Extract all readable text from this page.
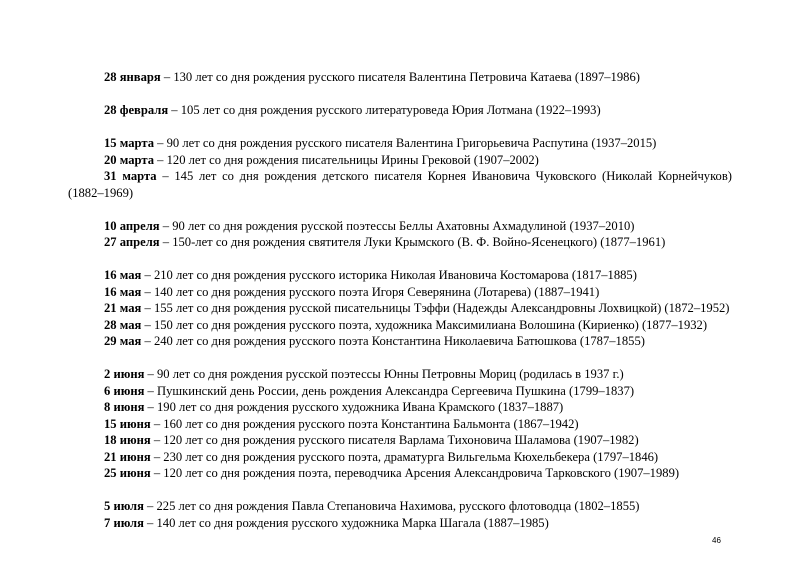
28 января – 130 лет со дня рождения русского писателя Валентина Петровича Катаева (1897–1986)

28 февраля – 105 лет со дня рождения русского литературоведа Юрия Лотмана (1922–1993)

15 марта – 90 лет со дня рождения русского писателя Валентина Григорьевича Распутина (1937–2015)

20 марта – 120 лет со дня рождения писательницы Ирины Грековой (1907–2002)

31 марта – 145 лет со дня рождения детского писателя Корнея Ивановича Чуковского (Николай Корнейчуков) (1882–1969)

10 апреля – 90 лет со дня рождения русской поэтессы Беллы Ахатовны Ахмадулиной (1937–2010)

27 апреля – 150-лет со дня рождения святителя Луки Крымского (В. Ф. Войно-Ясенецкого) (1877–1961)

16 мая – 210 лет со дня рождения русского историка Николая Ивановича Костомарова (1817–1885)

16 мая – 140 лет со дня рождения русского поэта Игоря Северянина (Лотарева) (1887–1941)

21 мая – 155 лет со дня рождения русской писательницы Тэффи (Надежды Александровны Лохвицкой) (1872–1952)

28 мая – 150 лет со дня рождения русского поэта, художника Максимилиана Волошина (Кириенко) (1877–1932)

29 мая – 240 лет со дня рождения русского поэта Константина Николаевича Батюшкова (1787–1855)

2 июня – 90 лет со дня рождения русской поэтессы Юнны Петровны Мориц (родилась в 1937 г.)

6 июня – Пушкинский день России, день рождения Александра Сергеевича Пушкина (1799–1837)

8 июня – 190 лет со дня рождения русского художника Ивана Крамского (1837–1887)

15 июня – 160 лет со дня рождения русского поэта Константина Бальмонта (1867–1942)

18 июня – 120 лет со дня рождения русского писателя Варлама Тихоновича Шаламова (1907–1982)

21 июня – 230 лет со дня рождения русского поэта, драматурга Вильгельма Кюхельбекера (1797–1846)

25 июня – 120 лет со дня рождения поэта, переводчика Арсения Александровича Тарковского (1907–1989)

5 июля – 225 лет со дня рождения Павла Степановича Нахимова, русского флотоводца (1802–1855)

7 июля – 140 лет со дня рождения русского художника Марка Шагала (1887–1985)

46
